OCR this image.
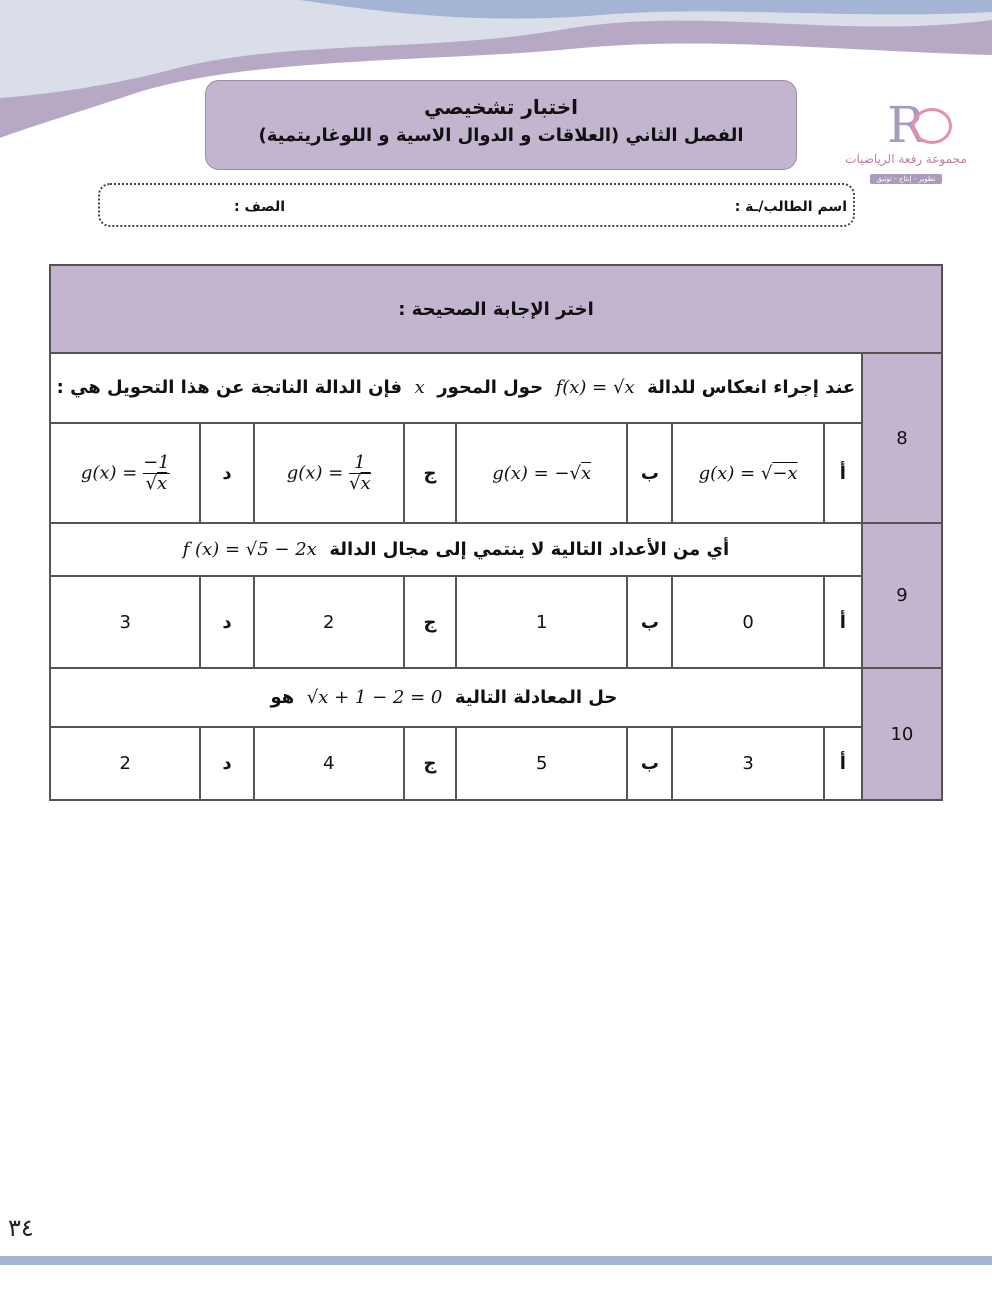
اختبار تشخيصي
الفصل الثاني (العلاقات و الدوال الاسية و اللوغاريتمية)	R
مجموعة رفعة الرياضيات
تطوير - إنتاج - توثيق
اسم الطالب/ـة :
الصف :
اختر الإجابة الصحيحة :								
8	عند إجراء انعكاس للدالة  f(x) = √x  حول المحور  x  فإن الدالة الناتجة عن هذا التحويل هي :							
	أ	g(x) = √−x	ب	g(x) = −√x	ج	$g(x) = \frac{1}{√x}$	د	$g(x) = \frac{-1}{√x}$

9	أي من الأعداد التالية لا ينتمي إلى مجال الدالة  f (x) = √5 − 2x							
	أ	0	ب	1	ج	2	د	3
10	حل المعادلة التالية  √x + 1 − 2 = 0  هو							
	أ	3	ب	5	ج	4	د	2
٣٤
